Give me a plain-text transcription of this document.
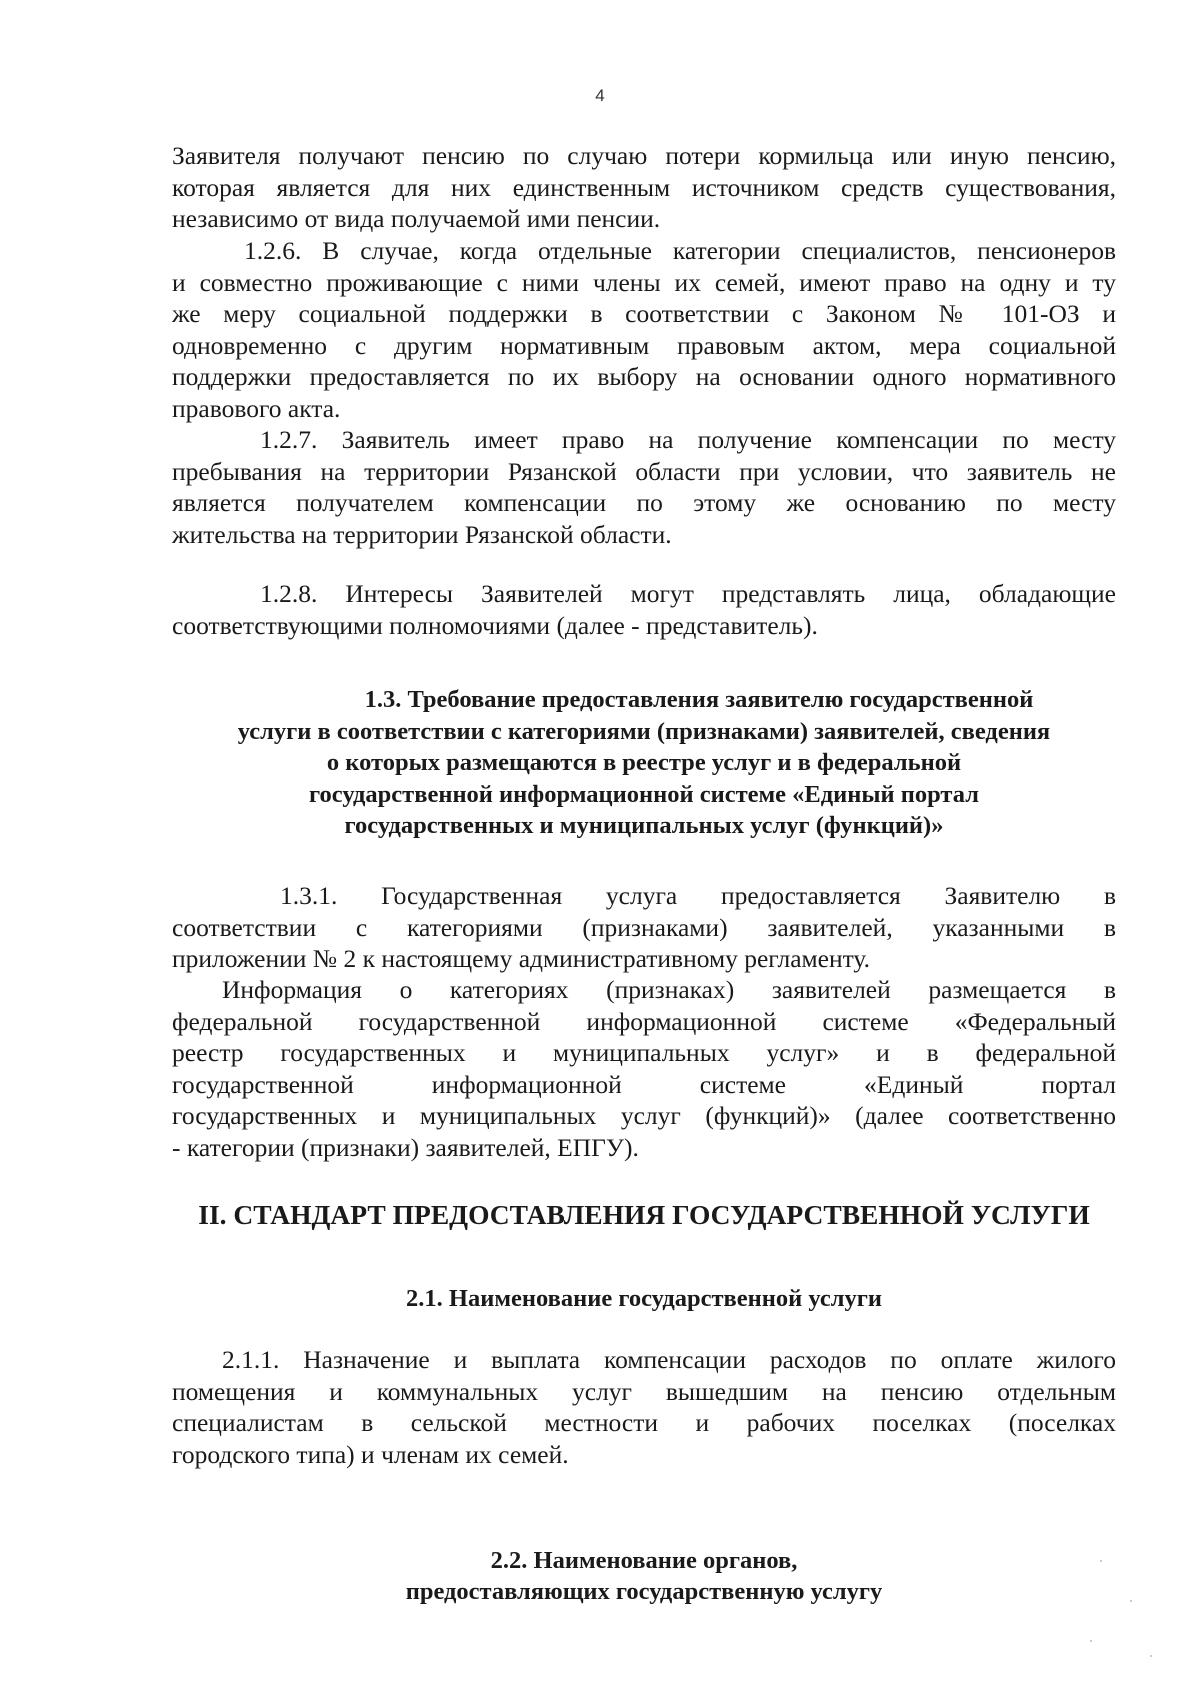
4

Заявителя получают пенсию по случаю потери кормильца или иную пенсию,
которая является для них единственным источником средств существования,
независимо от вида получаемой ими пенсии.

1.2.6. В случае, когда отдельные категории специалистов, пенсионеров
и совместно проживающие с ними члены их семей, имеют право на одну и ту
же меру социальной поддержки в соответствии с Законом № 101-ОЗ и
одновременно с другим нормативным правовым актом, мера социальной
поддержки предоставляется по их выбору на основании одного нормативного
правового акта.

1.2.7. Заявитель имеет право на получение компенсации по месту
пребывания на территории Рязанской области при условии, что заявитель не
является получателем компенсации по этому же основанию по месту
жительства на территории Рязанской области.

1.2.8. Интересы Заявителей могут представлять лица, обладающие
соответствующими полномочиями (далее - представитель).

1.3. Требование предоставления заявителю государственной
услуги в соответствии с категориями (признаками) заявителей, сведения
о которых размещаются в реестре услуг и в федеральной
государственной информационной системе «Единый портал
государственных и муниципальных услуг (функций)»

1.3.1. Государственная услуга предоставляется Заявителю в
соответствии с категориями (признаками) заявителей, указанными в
приложении № 2 к настоящему административному регламенту.

Информация о категориях (признаках) заявителей размещается в
федеральной государственной информационной системе «Федеральный
реестр государственных и муниципальных услуг» и в федеральной
государственной информационной системе «Единый портал
государственных и муниципальных услуг (функций)» (далее соответственно
- категории (признаки) заявителей, ЕПГУ).

II. СТАНДАРТ ПРЕДОСТАВЛЕНИЯ ГОСУДАРСТВЕННОЙ УСЛУГИ
2.1. Наименование государственной услуги

2.1.1. Назначение и выплата компенсации расходов по оплате жилого
помещения и коммунальных услуг вышедшим на пенсию отдельным
специалистам в сельской местности и рабочих поселках (поселках
городского типа) и членам их семей.

2.2. Наименование органов,
предоставляющих государственную услугу
